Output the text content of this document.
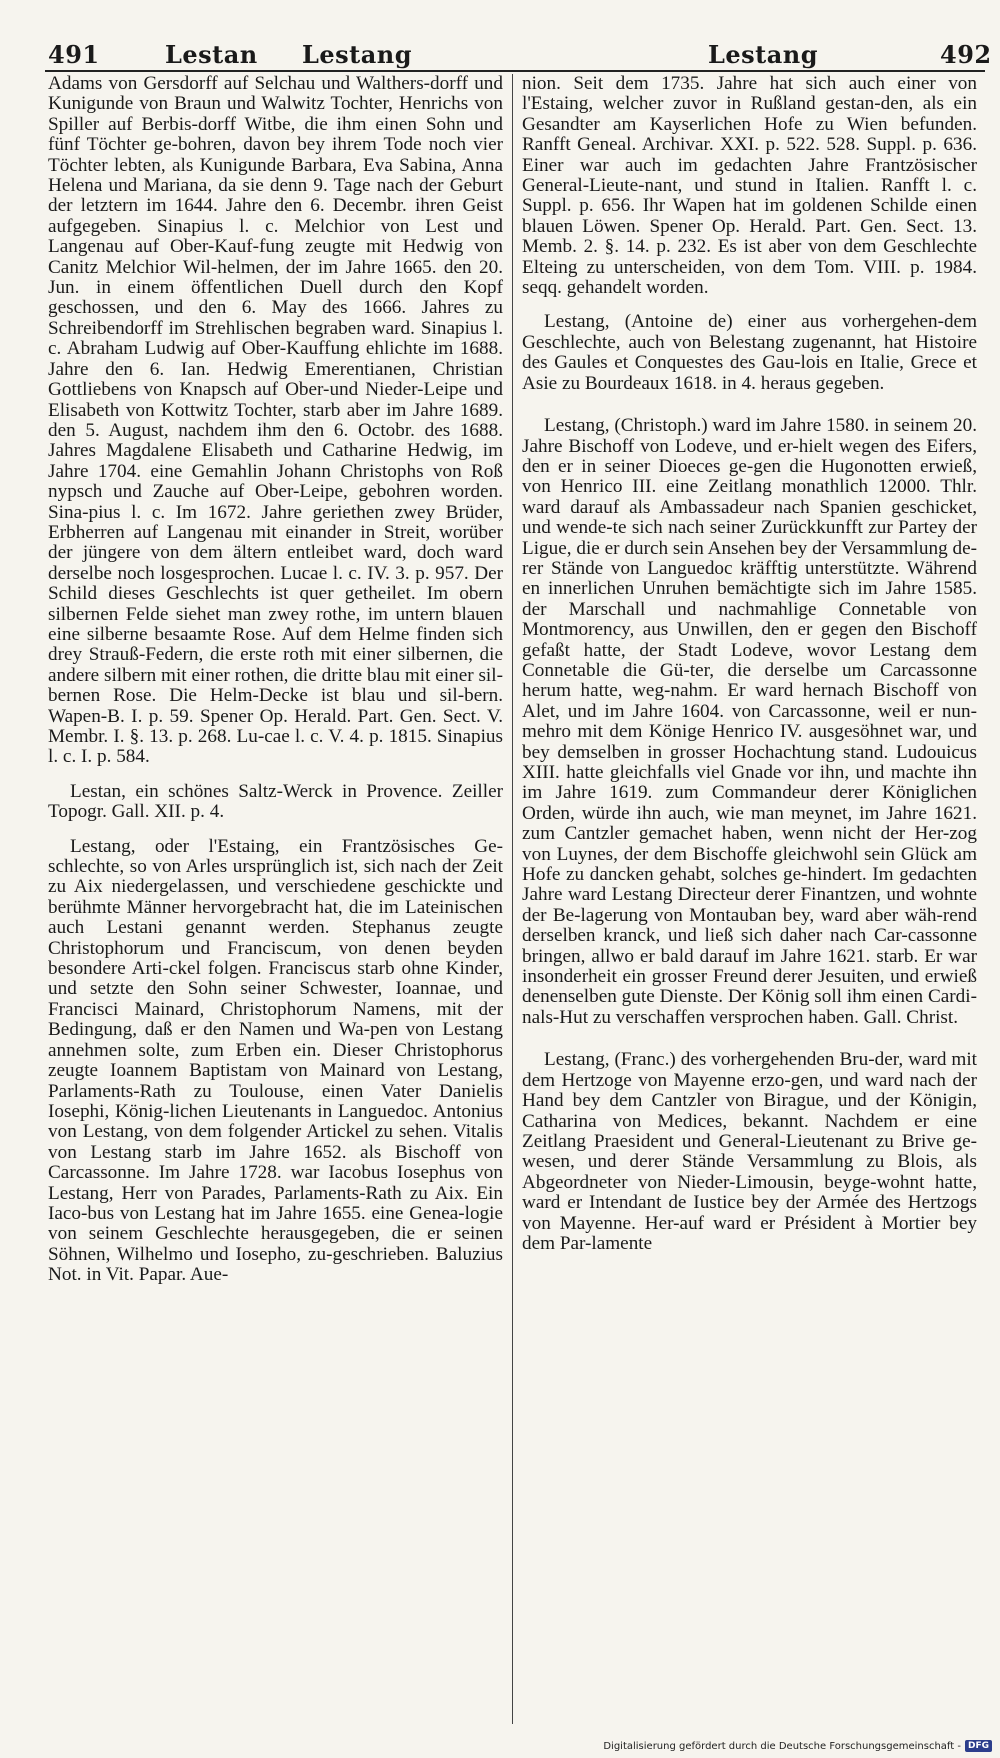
491	Lestan Lestang	Lestang	492

Adams von Gersdorff auf Selchau und Walthers-dorff und Kunigunde von Braun und Walwitz Tochter, Henrichs von Spiller auf Berbis-dorff Witbe, die ihm einen Sohn und fünf Töchter ge-bohren, davon bey ihrem Tode noch vier Töchter lebten, als Kunigunde Barbara, Eva Sabina, Anna Helena und Mariana, da sie denn 9. Tage nach der Geburt der letztern im 1644. Jahre den 6. Decembr. ihren Geist aufgegeben. Sinapius l. c. Melchior von Lest und Langenau auf Ober-Kauf-fung zeugte mit Hedwig von Canitz Melchior Wil-helmen, der im Jahre 1665. den 20. Jun. in einem öffentlichen Duell durch den Kopf geschossen, und den 6. May des 1666. Jahres zu Schreibendorff im Strehlischen begraben ward. Sinapius l. c. Abraham Ludwig auf Ober-Kauffung ehlichte im 1688. Jahre den 6. Ian. Hedwig Emerentianen, Christian Gottliebens von Knapsch auf Ober-und Nieder-Leipe und Elisabeth von Kottwitz Tochter, starb aber im Jahre 1689. den 5. August, nachdem ihm den 6. Octobr. des 1688. Jahres Magdalene Elisabeth und Catharine Hedwig, im Jahre 1704. eine Gemahlin Johann Christophs von Roß nypsch und Zauche auf Ober-Leipe, gebohren worden. Sina-pius l. c. Im 1672. Jahre geriethen zwey Brüder, Erbherren auf Langenau mit einander in Streit, worüber der jüngere von dem ältern entleibet ward, doch ward derselbe noch losgesprochen. Lucae l. c. IV. 3. p. 957. Der Schild dieses Geschlechts ist quer getheilet. Im obern silbernen Felde siehet man zwey rothe, im untern blauen eine silberne besaamte Rose. Auf dem Helme finden sich drey Strauß-Federn, die erste roth mit einer silbernen, die andere silbern mit einer rothen, die dritte blau mit einer sil-bernen Rose. Die Helm-Decke ist blau und sil-bern. Wapen-B. I. p. 59. Spener Op. Herald. Part. Gen. Sect. V. Membr. I. §. 13. p. 268. Lu-cae l. c. V. 4. p. 1815. Sinapius l. c. I. p. 584.

Lestan, ein schönes Saltz-Werck in Provence. Zeiller Topogr. Gall. XII. p. 4.

Lestang, oder l'Estaing, ein Frantzösisches Ge-schlechte, so von Arles ursprünglich ist, sich nach der Zeit zu Aix niedergelassen, und verschiedene geschickte und berühmte Männer hervorgebracht hat, die im Lateinischen auch Lestani genannt werden. Stephanus zeugte Christophorum und Franciscum, von denen beyden besondere Arti-ckel folgen. Franciscus starb ohne Kinder, und setzte den Sohn seiner Schwester, Ioannae, und Francisci Mainard, Christophorum Namens, mit der Bedingung, daß er den Namen und Wa-pen von Lestang annehmen solte, zum Erben ein. Dieser Christophorus zeugte Ioannem Baptistam von Mainard von Lestang, Parlaments-Rath zu Toulouse, einen Vater Danielis Iosephi, König-lichen Lieutenants in Languedoc. Antonius von Lestang, von dem folgender Artickel zu sehen. Vitalis von Lestang starb im Jahre 1652. als Bischoff von Carcassonne. Im Jahre 1728. war Iacobus Iosephus von Lestang, Herr von Parades, Parlaments-Rath zu Aix. Ein Iaco-bus von Lestang hat im Jahre 1655. eine Genea-logie von seinem Geschlechte herausgegeben, die er seinen Söhnen, Wilhelmo und Iosepho, zu-geschrieben. Baluzius Not. in Vit. Papar. Aue-

nion. Seit dem 1735. Jahre hat sich auch einer von l'Estaing, welcher zuvor in Rußland gestan-den, als ein Gesandter am Kayserlichen Hofe zu Wien befunden. Ranfft Geneal. Archivar. XXI. p. 522. 528. Suppl. p. 636. Einer war auch im gedachten Jahre Frantzösischer General-Lieute-nant, und stund in Italien. Ranfft l. c. Suppl. p. 656. Ihr Wapen hat im goldenen Schilde einen blauen Löwen. Spener Op. Herald. Part. Gen. Sect. 13. Memb. 2. §. 14. p. 232. Es ist aber von dem Geschlechte Elteing zu unterscheiden, von dem Tom. VIII. p. 1984. seqq. gehandelt worden.

Lestang, (Antoine de) einer aus vorhergehen-dem Geschlechte, auch von Belestang zugenannt, hat Histoire des Gaules et Conquestes des Gau-lois en Italie, Grece et Asie zu Bourdeaux 1618. in 4. heraus gegeben.

Lestang, (Christoph.) ward im Jahre 1580. in seinem 20. Jahre Bischoff von Lodeve, und er-hielt wegen des Eifers, den er in seiner Dioeces ge-gen die Hugonotten erwieß, von Henrico III. eine Zeitlang monathlich 12000. Thlr. ward darauf als Ambassadeur nach Spanien geschicket, und wende-te sich nach seiner Zurückkunfft zur Partey der Ligue, die er durch sein Ansehen bey der Versammlung de-rer Stände von Languedoc kräfftig unterstützte. Während en innerlichen Unruhen bemächtigte sich im Jahre 1585. der Marschall und nachmahlige Connetable von Montmorency, aus Unwillen, den er gegen den Bischoff gefaßt hatte, der Stadt Lodeve, wovor Lestang dem Connetable die Gü-ter, die derselbe um Carcassonne herum hatte, weg-nahm. Er ward hernach Bischoff von Alet, und im Jahre 1604. von Carcassonne, weil er nun-mehro mit dem Könige Henrico IV. ausgesöhnet war, und bey demselben in grosser Hochachtung stand. Ludouicus XIII. hatte gleichfalls viel Gnade vor ihn, und machte ihn im Jahre 1619. zum Commandeur derer Königlichen Orden, würde ihn auch, wie man meynet, im Jahre 1621. zum Cantzler gemachet haben, wenn nicht der Her-zog von Luynes, der dem Bischoffe gleichwohl sein Glück am Hofe zu dancken gehabt, solches ge-hindert. Im gedachten Jahre ward Lestang Directeur derer Finantzen, und wohnte der Be-lagerung von Montauban bey, ward aber wäh-rend derselben kranck, und ließ sich daher nach Car-cassonne bringen, allwo er bald darauf im Jahre 1621. starb. Er war insonderheit ein grosser Freund derer Jesuiten, und erwieß denenselben gute Dienste. Der König soll ihm einen Cardi-nals-Hut zu verschaffen versprochen haben. Gall. Christ.

Lestang, (Franc.) des vorhergehenden Bru-der, ward mit dem Hertzoge von Mayenne erzo-gen, und ward nach der Hand bey dem Cantzler von Birague, und der Königin, Catharina von Medices, bekannt. Nachdem er eine Zeitlang Praesident und General-Lieutenant zu Brive ge-wesen, und derer Stände Versammlung zu Blois, als Abgeordneter von Nieder-Limousin, beyge-wohnt hatte, ward er Intendant de Iustice bey der Armée des Hertzogs von Mayenne. Her-auf ward er Président à Mortier bey dem Par-lamente

Digitalisierung gefördert durch die Deutsche Forschungsgemeinschaft - DFG
